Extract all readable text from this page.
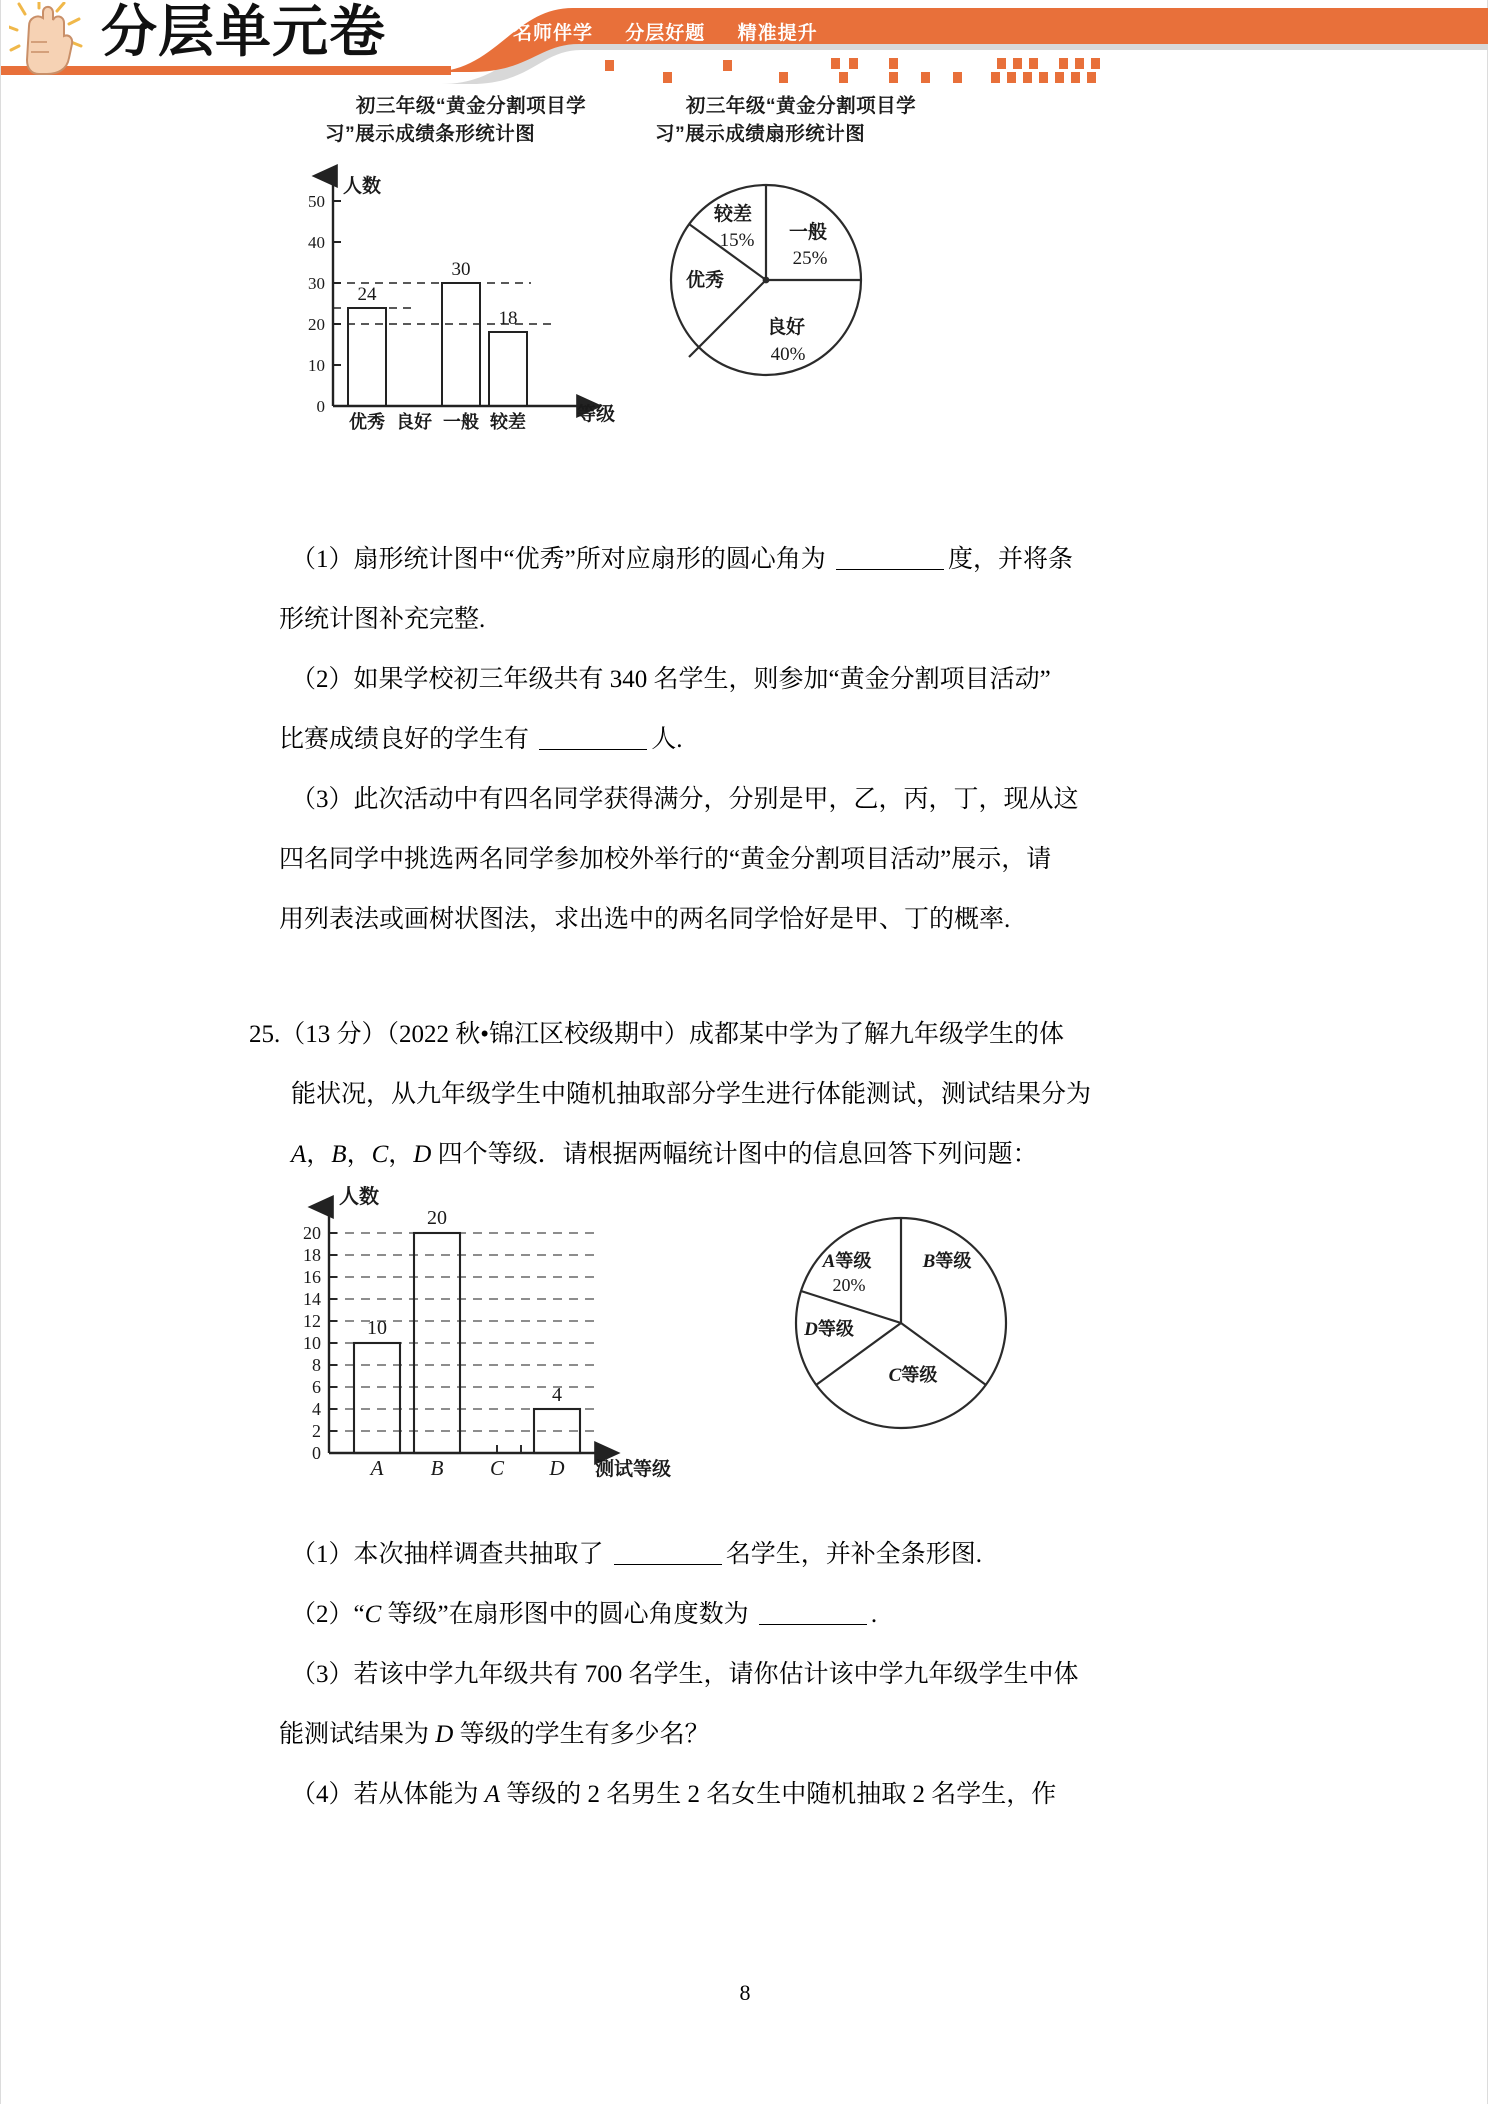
分层单元卷	名师伴学 分层好题 精准提升
初三年级“黄金分割项目学
习”展示成绩条形统计图
初三年级“黄金分割项目学
习”展示成绩扇形统计图
人数
等级
0
10
20
30
40
50
24
30
18
优秀 良好 一般 较差
较差
15% 一般
25%
优秀
良好
40%
（1）扇形统计图中“优秀”所对应扇形的圆心角为	度，并将条
形统计图补充完整.
（2）如果学校初三年级共有 340 名学生，则参加“黄金分割项目活动”
比赛成绩良好的学生有	人.
（3）此次活动中有四名同学获得满分，分别是甲，乙，丙，丁，现从这
四名同学中挑选两名同学参加校外举行的“黄金分割项目活动”展示，请
用列表法或画树状图法，求出选中的两名同学恰好是甲、丁的概率.
25.（13 分）（2022 秋•锦江区校级期中）成都某中学为了解九年级学生的体
能状况，从九年级学生中随机抽取部分学生进行体能测试，测试结果分为
A，B，C，D 四个等级．请根据两幅统计图中的信息回答下列问题：
人数
测试等级
0
2
4
6
8
10
12
14
16
18
20
10
20
4
A B C D
A等级
20%
B等级
D等级
C等级
（1）本次抽样调查共抽取了	名学生，并补全条形图.
（2）“C 等级”在扇形图中的圆心角度数为	.
（3）若该中学九年级共有 700 名学生，请你估计该中学九年级学生中体
能测试结果为 D 等级的学生有多少名？
（4）若从体能为 A 等级的 2 名男生 2 名女生中随机抽取 2 名学生，作
8
